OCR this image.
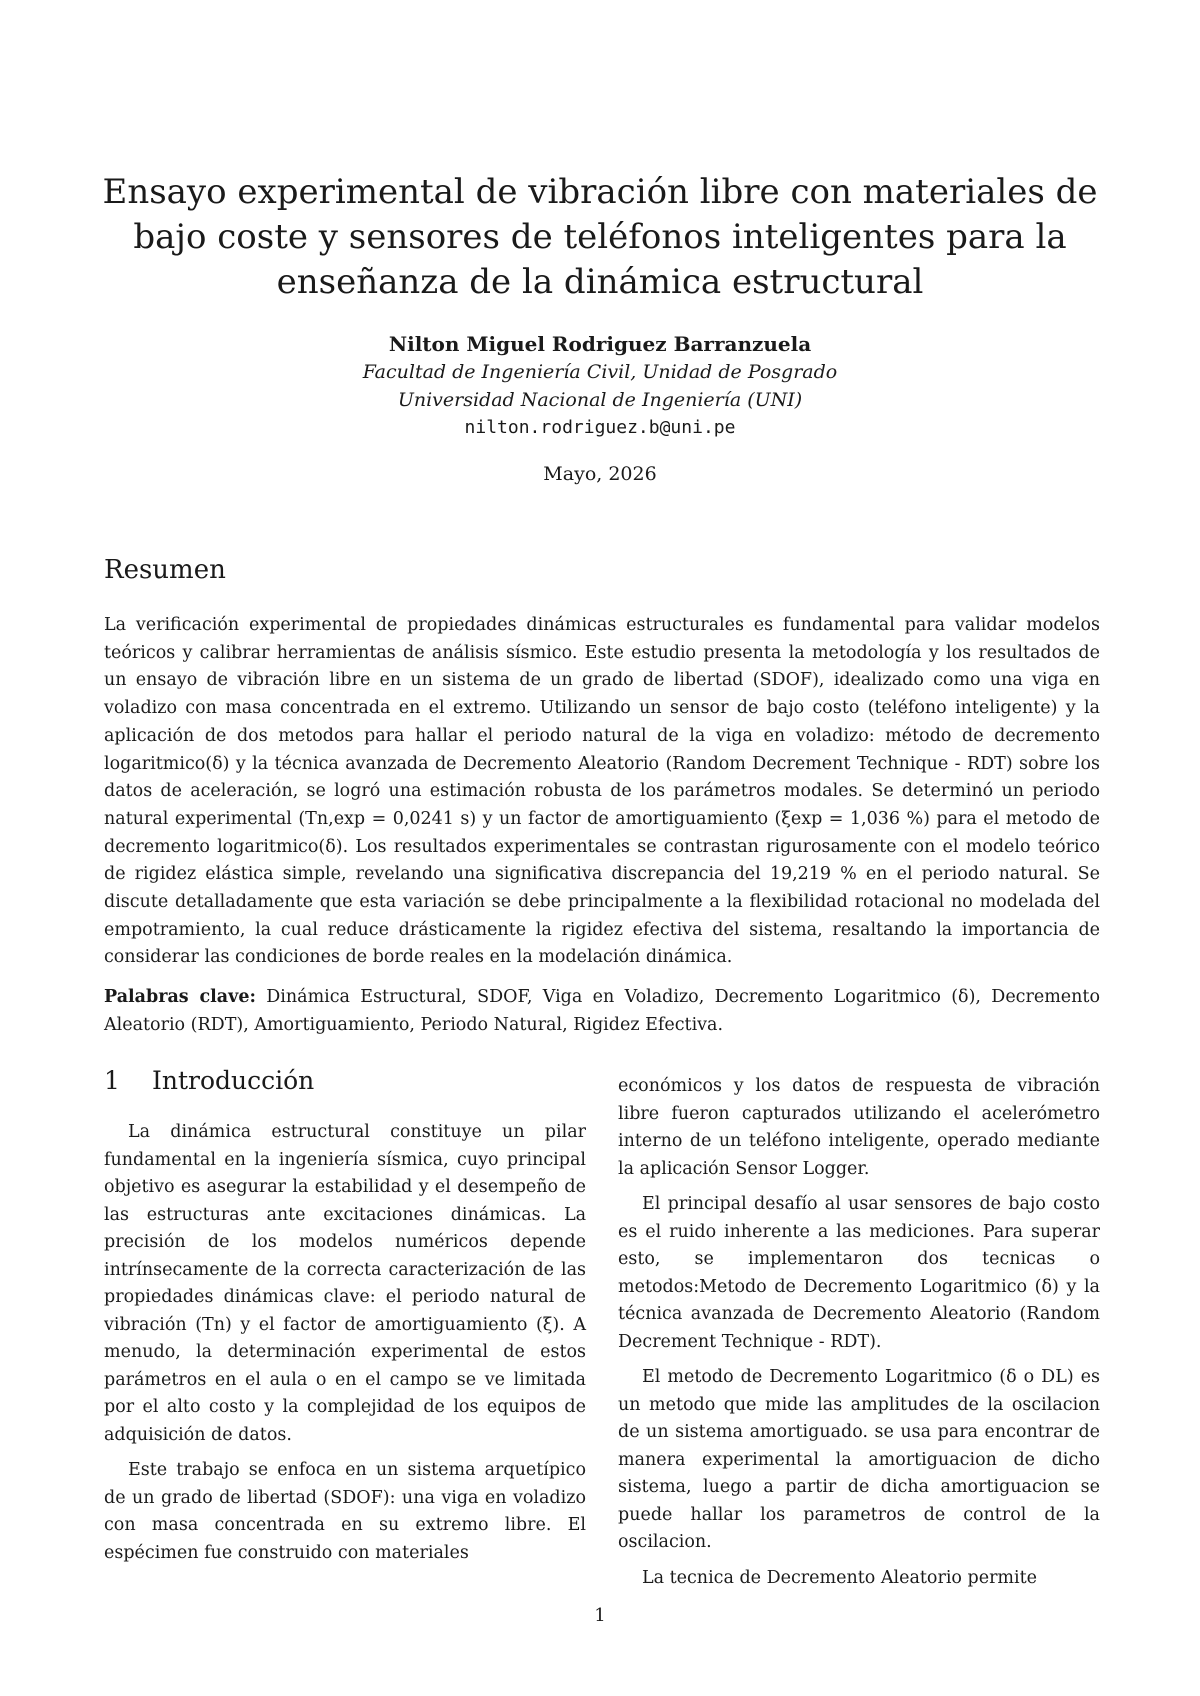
Ensayo experimental de vibración libre con materiales de
bajo coste y sensores de teléfonos inteligentes para la
enseñanza de la dinámica estructural
Nilton Miguel Rodriguez Barranzuela
Facultad de Ingeniería Civil, Unidad de Posgrado
Universidad Nacional de Ingeniería (UNI)
nilton.rodriguez.b@uni.pe
Mayo, 2026
Resumen
La verificación experimental de propiedades dinámicas estructurales es fundamental para validar modelos teóricos y calibrar herramientas de análisis sísmico. Este estudio presenta la metodología y los resultados de un ensayo de vibración libre en un sistema de un grado de libertad (SDOF), idealizado como una viga en voladizo con masa concentrada en el extremo. Utilizando un sensor de bajo costo (teléfono inteligente) y la aplicación de dos metodos para hallar el periodo natural de la viga en voladizo: método de decremento logaritmico(δ) y la técnica avanzada de Decremento Aleatorio (Random Decrement Technique - RDT) sobre los datos de aceleración, se logró una estimación robusta de los parámetros modales. Se determinó un periodo natural experimental (Tn,exp = 0,0241 s) y un factor de amortiguamiento (ξexp = 1,036 %) para el metodo de decremento logaritmico(δ). Los resultados experimentales se contrastan rigurosamente con el modelo teórico de rigidez elástica simple, revelando una significativa discrepancia del 19,219 % en el periodo natural. Se discute detalladamente que esta variación se debe principalmente a la flexibilidad rotacional no modelada del empotramiento, la cual reduce drásticamente la rigidez efectiva del sistema, resaltando la importancia de considerar las condiciones de borde reales en la modelación dinámica.
Palabras clave: Dinámica Estructural, SDOF, Viga en Voladizo, Decremento Logaritmico (δ), Decremento Aleatorio (RDT), Amortiguamiento, Periodo Natural, Rigidez Efectiva.
1 Introducción

La dinámica estructural constituye un pilar fundamental en la ingeniería sísmica, cuyo principal objetivo es asegurar la estabilidad y el desempeño de las estructuras ante excitaciones dinámicas. La precisión de los modelos numéricos depende intrínsecamente de la correcta caracterización de las propiedades dinámicas clave: el periodo natural de vibración (Tn) y el factor de amortiguamiento (ξ). A menudo, la determinación experimental de estos parámetros en el aula o en el campo se ve limitada por el alto costo y la complejidad de los equipos de adquisición de datos.

Este trabajo se enfoca en un sistema arquetípico de un grado de libertad (SDOF): una viga en voladizo con masa concentrada en su extremo libre. El espécimen fue construido con materiales

económicos y los datos de respuesta de vibración libre fueron capturados utilizando el acelerómetro interno de un teléfono inteligente, operado mediante la aplicación Sensor Logger.

El principal desafío al usar sensores de bajo costo es el ruido inherente a las mediciones. Para superar esto, se implementaron dos tecnicas o metodos:Metodo de Decremento Logaritmico (δ) y la técnica avanzada de Decremento Aleatorio (Random Decrement Technique - RDT).

El metodo de Decremento Logaritmico (δ o DL) es un metodo que mide las amplitudes de la oscilacion de un sistema amortiguado. se usa para encontrar de manera experimental la amortiguacion de dicho sistema, luego a partir de dicha amortiguacion se puede hallar los parametros de control de la oscilacion.

La tecnica de Decremento Aleatorio permite

1
